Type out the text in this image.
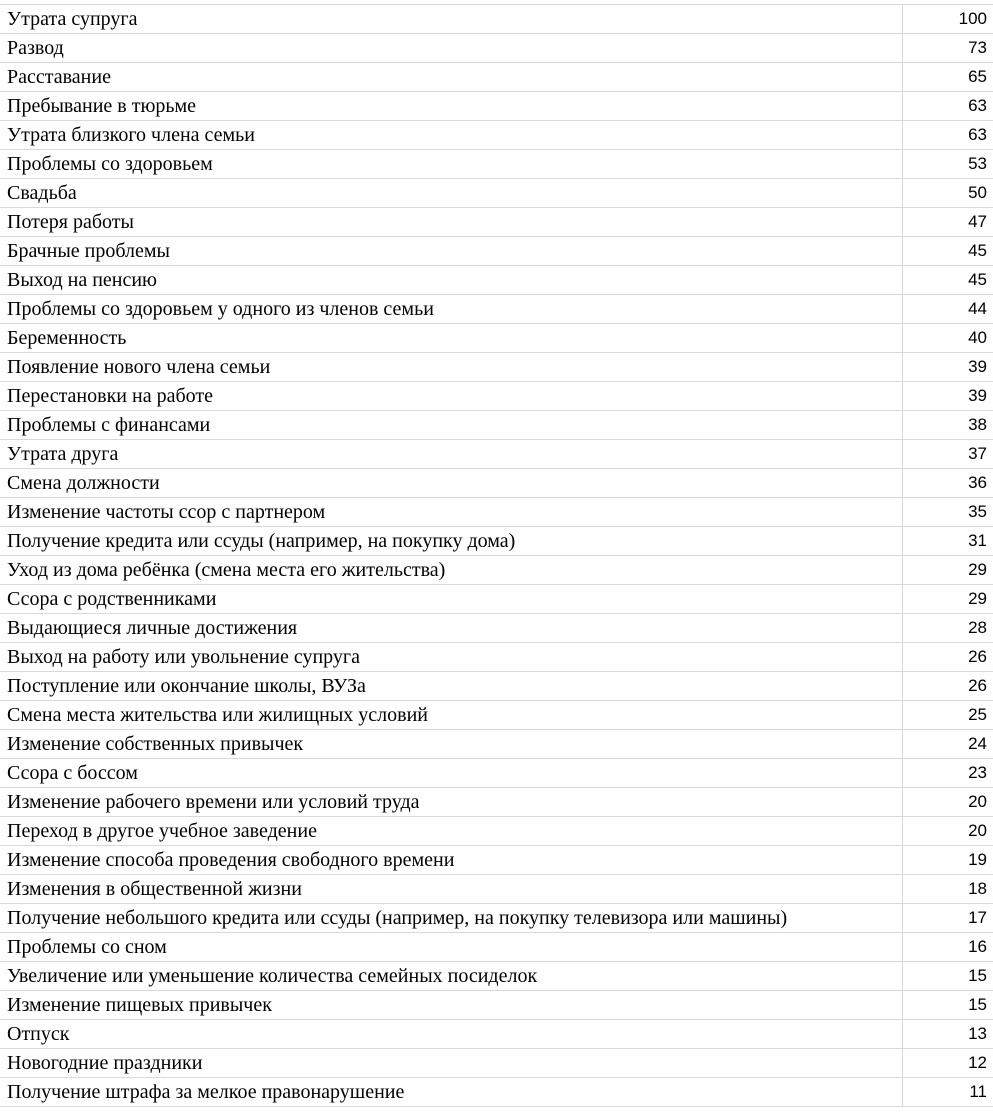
Утрата супруга	100
Развод	73
Расставание	65
Пребывание в тюрьме	63
Утрата близкого члена семьи	63
Проблемы со здоровьем	53
Свадьба	50
Потеря работы	47
Брачные проблемы	45
Выход на пенсию	45
Проблемы со здоровьем у одного из членов семьи	44
Беременность	40
Появление нового члена семьи	39
Перестановки на работе	39
Проблемы с финансами	38
Утрата друга	37
Смена должности	36
Изменение частоты ссор с партнером	35
Получение кредита или ссуды (например, на покупку дома)	31
Уход из дома ребёнка (смена места его жительства)	29
Ссора с родственниками	29
Выдающиеся личные достижения	28
Выход на работу или увольнение супруга	26
Поступление или окончание школы, ВУЗа	26
Смена места жительства или жилищных условий	25
Изменение собственных привычек	24
Ссора с боссом	23
Изменение рабочего времени или условий труда	20
Переход в другое учебное заведение	20
Изменение способа проведения свободного времени	19
Изменения в общественной жизни	18
Получение небольшого кредита или ссуды (например, на покупку телевизора или машины)	17
Проблемы со сном	16
Увеличение или уменьшение количества семейных посиделок	15
Изменение пищевых привычек	15
Отпуск	13
Новогодние праздники	12
Получение штрафа за мелкое правонарушение	11
